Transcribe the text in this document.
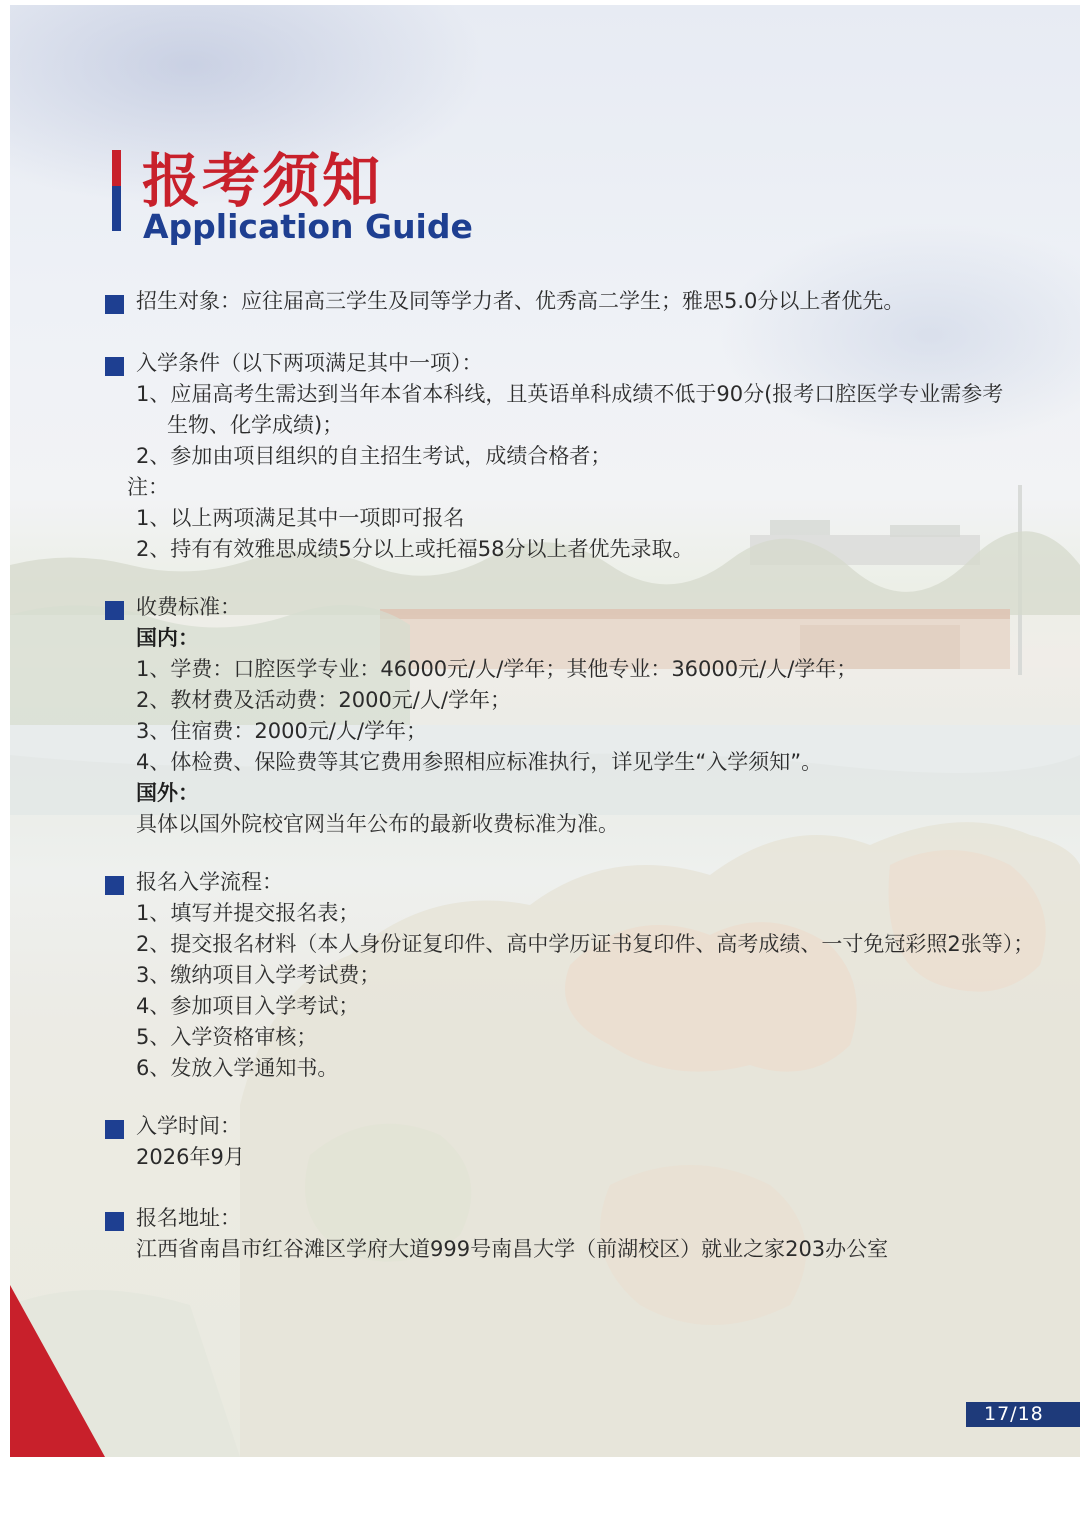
报考须知
Application Guide
招生对象：应往届高三学生及同等学力者、优秀高二学生；雅思5.0分以上者优先。
入学条件（以下两项满足其中一项）：
1、应届高考生需达到当年本省本科线，且英语单科成绩不低于90分(报考口腔医学专业需参考
生物、化学成绩)；
2、参加由项目组织的自主招生考试，成绩合格者；
注：
1、以上两项满足其中一项即可报名
2、持有有效雅思成绩5分以上或托福58分以上者优先录取。
收费标准：
国内：
1、学费：口腔医学专业：46000元/人/学年；其他专业：36000元/人/学年；
2、教材费及活动费：2000元/人/学年；
3、住宿费：2000元/人/学年；
4、体检费、保险费等其它费用参照相应标准执行，详见学生“入学须知”。
国外：
具体以国外院校官网当年公布的最新收费标准为准。
报名入学流程：
1、填写并提交报名表；
2、提交报名材料（本人身份证复印件、高中学历证书复印件、高考成绩、一寸免冠彩照2张等）；
3、缴纳项目入学考试费；
4、参加项目入学考试；
5、入学资格审核；
6、发放入学通知书。
入学时间：
2026年9月
报名地址：
江西省南昌市红谷滩区学府大道999号南昌大学（前湖校区）就业之家203办公室
17/18
